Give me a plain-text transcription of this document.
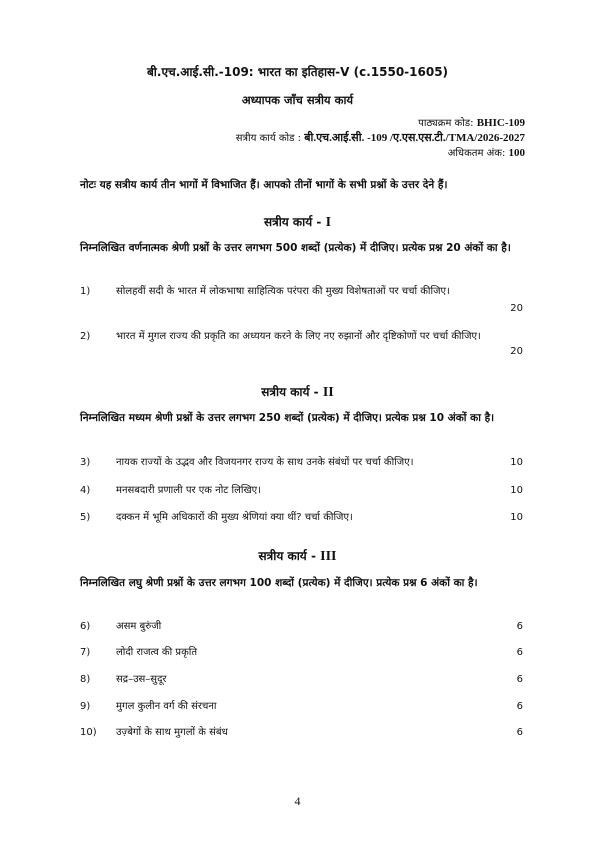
बी.एच.आई.सी.-109: भारत का इतिहास-V (c.1550-1605)
अध्यापक जाँच सत्रीय कार्य
पाठ्यक्रम कोड: BHIC-109
सत्रीय कार्य कोड : बी.एच.आई.सी. -109 /ए.एस.एस.टी./TMA/2026-2027
अधिकतम अंक: 100
नोटः यह सत्रीय कार्य तीन भागों में विभाजित हैं। आपको तीनों भागों के सभी प्रश्नों के उत्तर देने हैं।
सत्रीय कार्य - I
निम्नलिखित वर्णनात्मक श्रेणी प्रश्नों के उत्तर लगभग 500 शब्दों (प्रत्येक) में दीजिए। प्रत्येक प्रश्न 20 अंकों का है।
1)	सोलहवीं सदी के भारत में लोकभाषा साहित्यिक परंपरा की मुख्य विशेषताओं पर चर्चा कीजिए।
20
2)	भारत में मुगल राज्य की प्रकृति का अध्ययन करने के लिए नए रुझानों और दृष्टिकोणों पर चर्चा कीजिए।
20
सत्रीय कार्य - II
निम्नलिखित मध्यम श्रेणी प्रश्नों के उत्तर लगभग 250 शब्दों (प्रत्येक) में दीजिए। प्रत्येक प्रश्न 10 अंकों का है।
3)	नायक राज्यों के उद्भव और विजयनगर राज्य के साथ उनके संबंधों पर चर्चा कीजिए।	10
4)	मनसबदारी प्रणाली पर एक नोट लिखिए।	10
5)	दक्कन में भूमि अधिकारों की मुख्य श्रेणियां क्या थीं? चर्चा कीजिए।	10
सत्रीय कार्य - III
निम्नलिखित लघु श्रेणी प्रश्नों के उत्तर लगभग 100 शब्दों (प्रत्येक) में दीजिए। प्रत्येक प्रश्न 6 अंकों का है।
6)	असम बुरुंजी	6
7)	लोदी राजत्व की प्रकृति	6
8)	सद्र–उस–सुदूर	6
9)	मुगल कुलीन वर्ग की संरचना	6
10) उज़्बेगों के साथ मुगलों के संबंध	6
4
